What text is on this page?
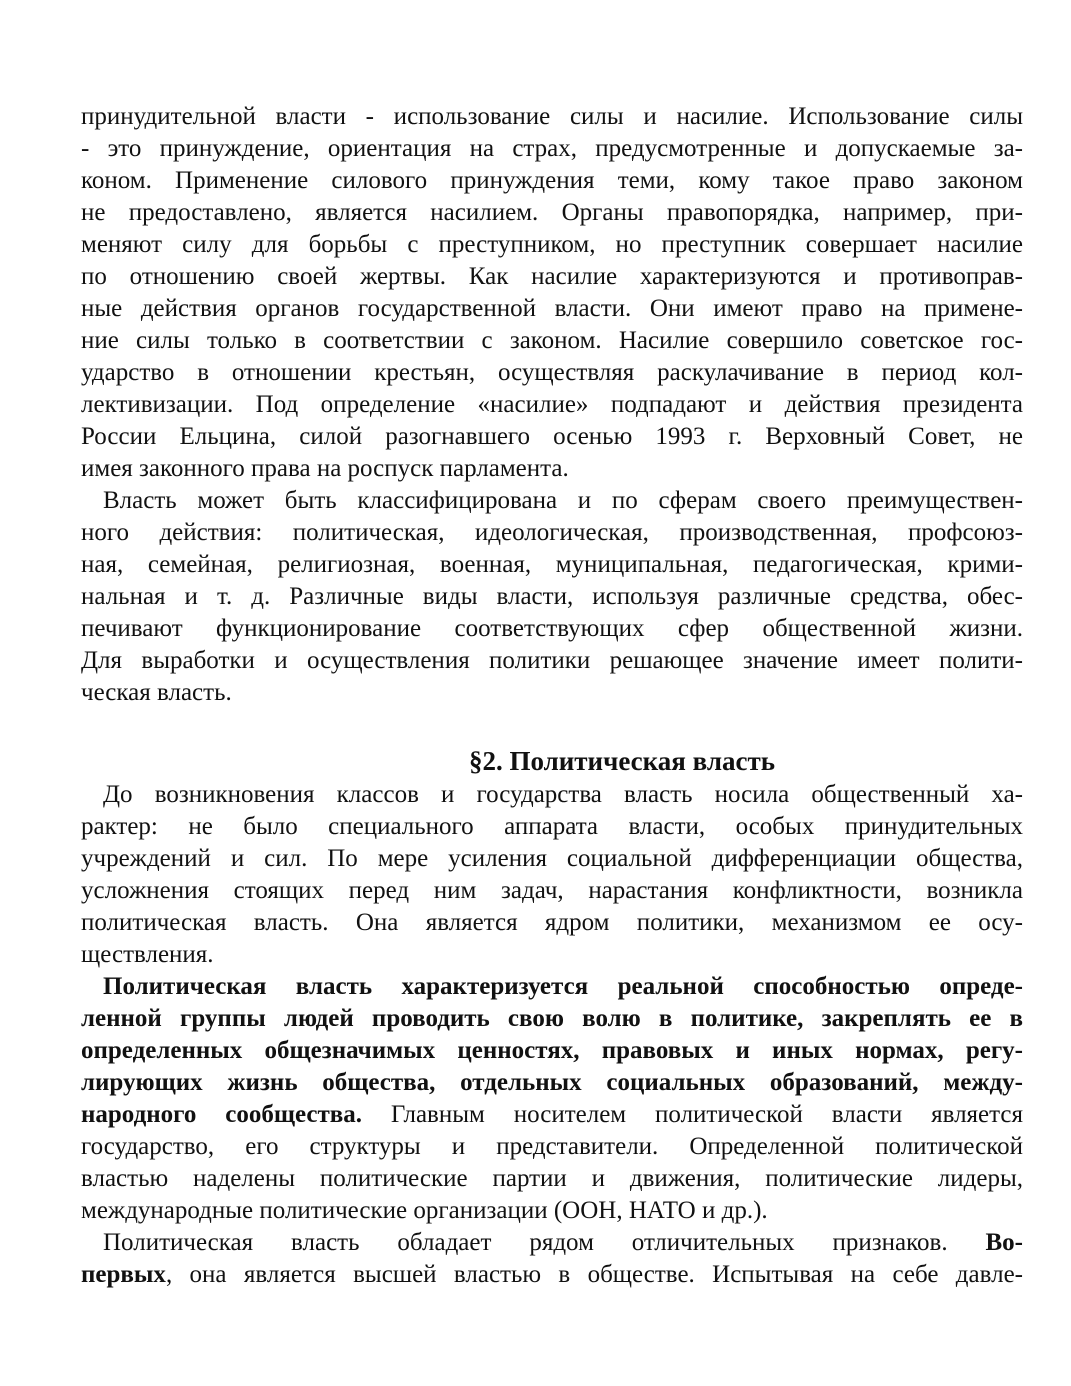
принудительной власти - использование силы и насилие. Использование силы
- это принуждение, ориентация на страх, предусмотренные и допускаемые за-
коном. Применение силового принуждения теми, кому такое право законом
не предоставлено, является насилием. Органы правопорядка, например, при-
меняют силу для борьбы с преступником, но преступник совершает насилие
по отношению своей жертвы. Как насилие характеризуются и противоправ-
ные действия органов государственной власти. Они имеют право на примене-
ние силы только в соответствии с законом. Насилие совершило советское гос-
ударство в отношении крестьян, осуществляя раскулачивание в период кол-
лективизации. Под определение «насилие» подпадают и действия президента
России Ельцина, силой разогнавшего осенью 1993 г. Верховный Совет, не
имея законного права на роспуск парламента.
Власть может быть классифицирована и по сферам своего преимуществен-
ного действия: политическая, идеологическая, производственная, профсоюз-
ная, семейная, религиозная, военная, муниципальная, педагогическая, крими-
нальная и т. д. Различные виды власти, используя различные средства, обес-
печивают функционирование соответствующих сфер общественной жизни.
Для выработки и осуществления политики решающее значение имеет полити-
ческая власть.
§2. Политическая власть
До возникновения классов и государства власть носила общественный ха-
рактер: не было специального аппарата власти, особых принудительных
учреждений и сил. По мере усиления социальной дифференциации общества,
усложнения стоящих перед ним задач, нарастания конфликтности, возникла
политическая власть. Она является ядром политики, механизмом ее осу-
ществления.
Политическая власть характеризуется реальной способностью опреде-
ленной группы людей проводить свою волю в политике, закреплять ее в
определенных общезначимых ценностях, правовых и иных нормах, регу-
лирующих жизнь общества, отдельных социальных образований, между-
народного сообщества. Главным носителем политической власти является
государство, его структуры и представители. Определенной политической
властью наделены политические партии и движения, политические лидеры,
международные политические организации (ООН, НАТО и др.).
Политическая власть обладает рядом отличительных признаков. Во-
первых, она является высшей властью в обществе. Испытывая на себе давле-
